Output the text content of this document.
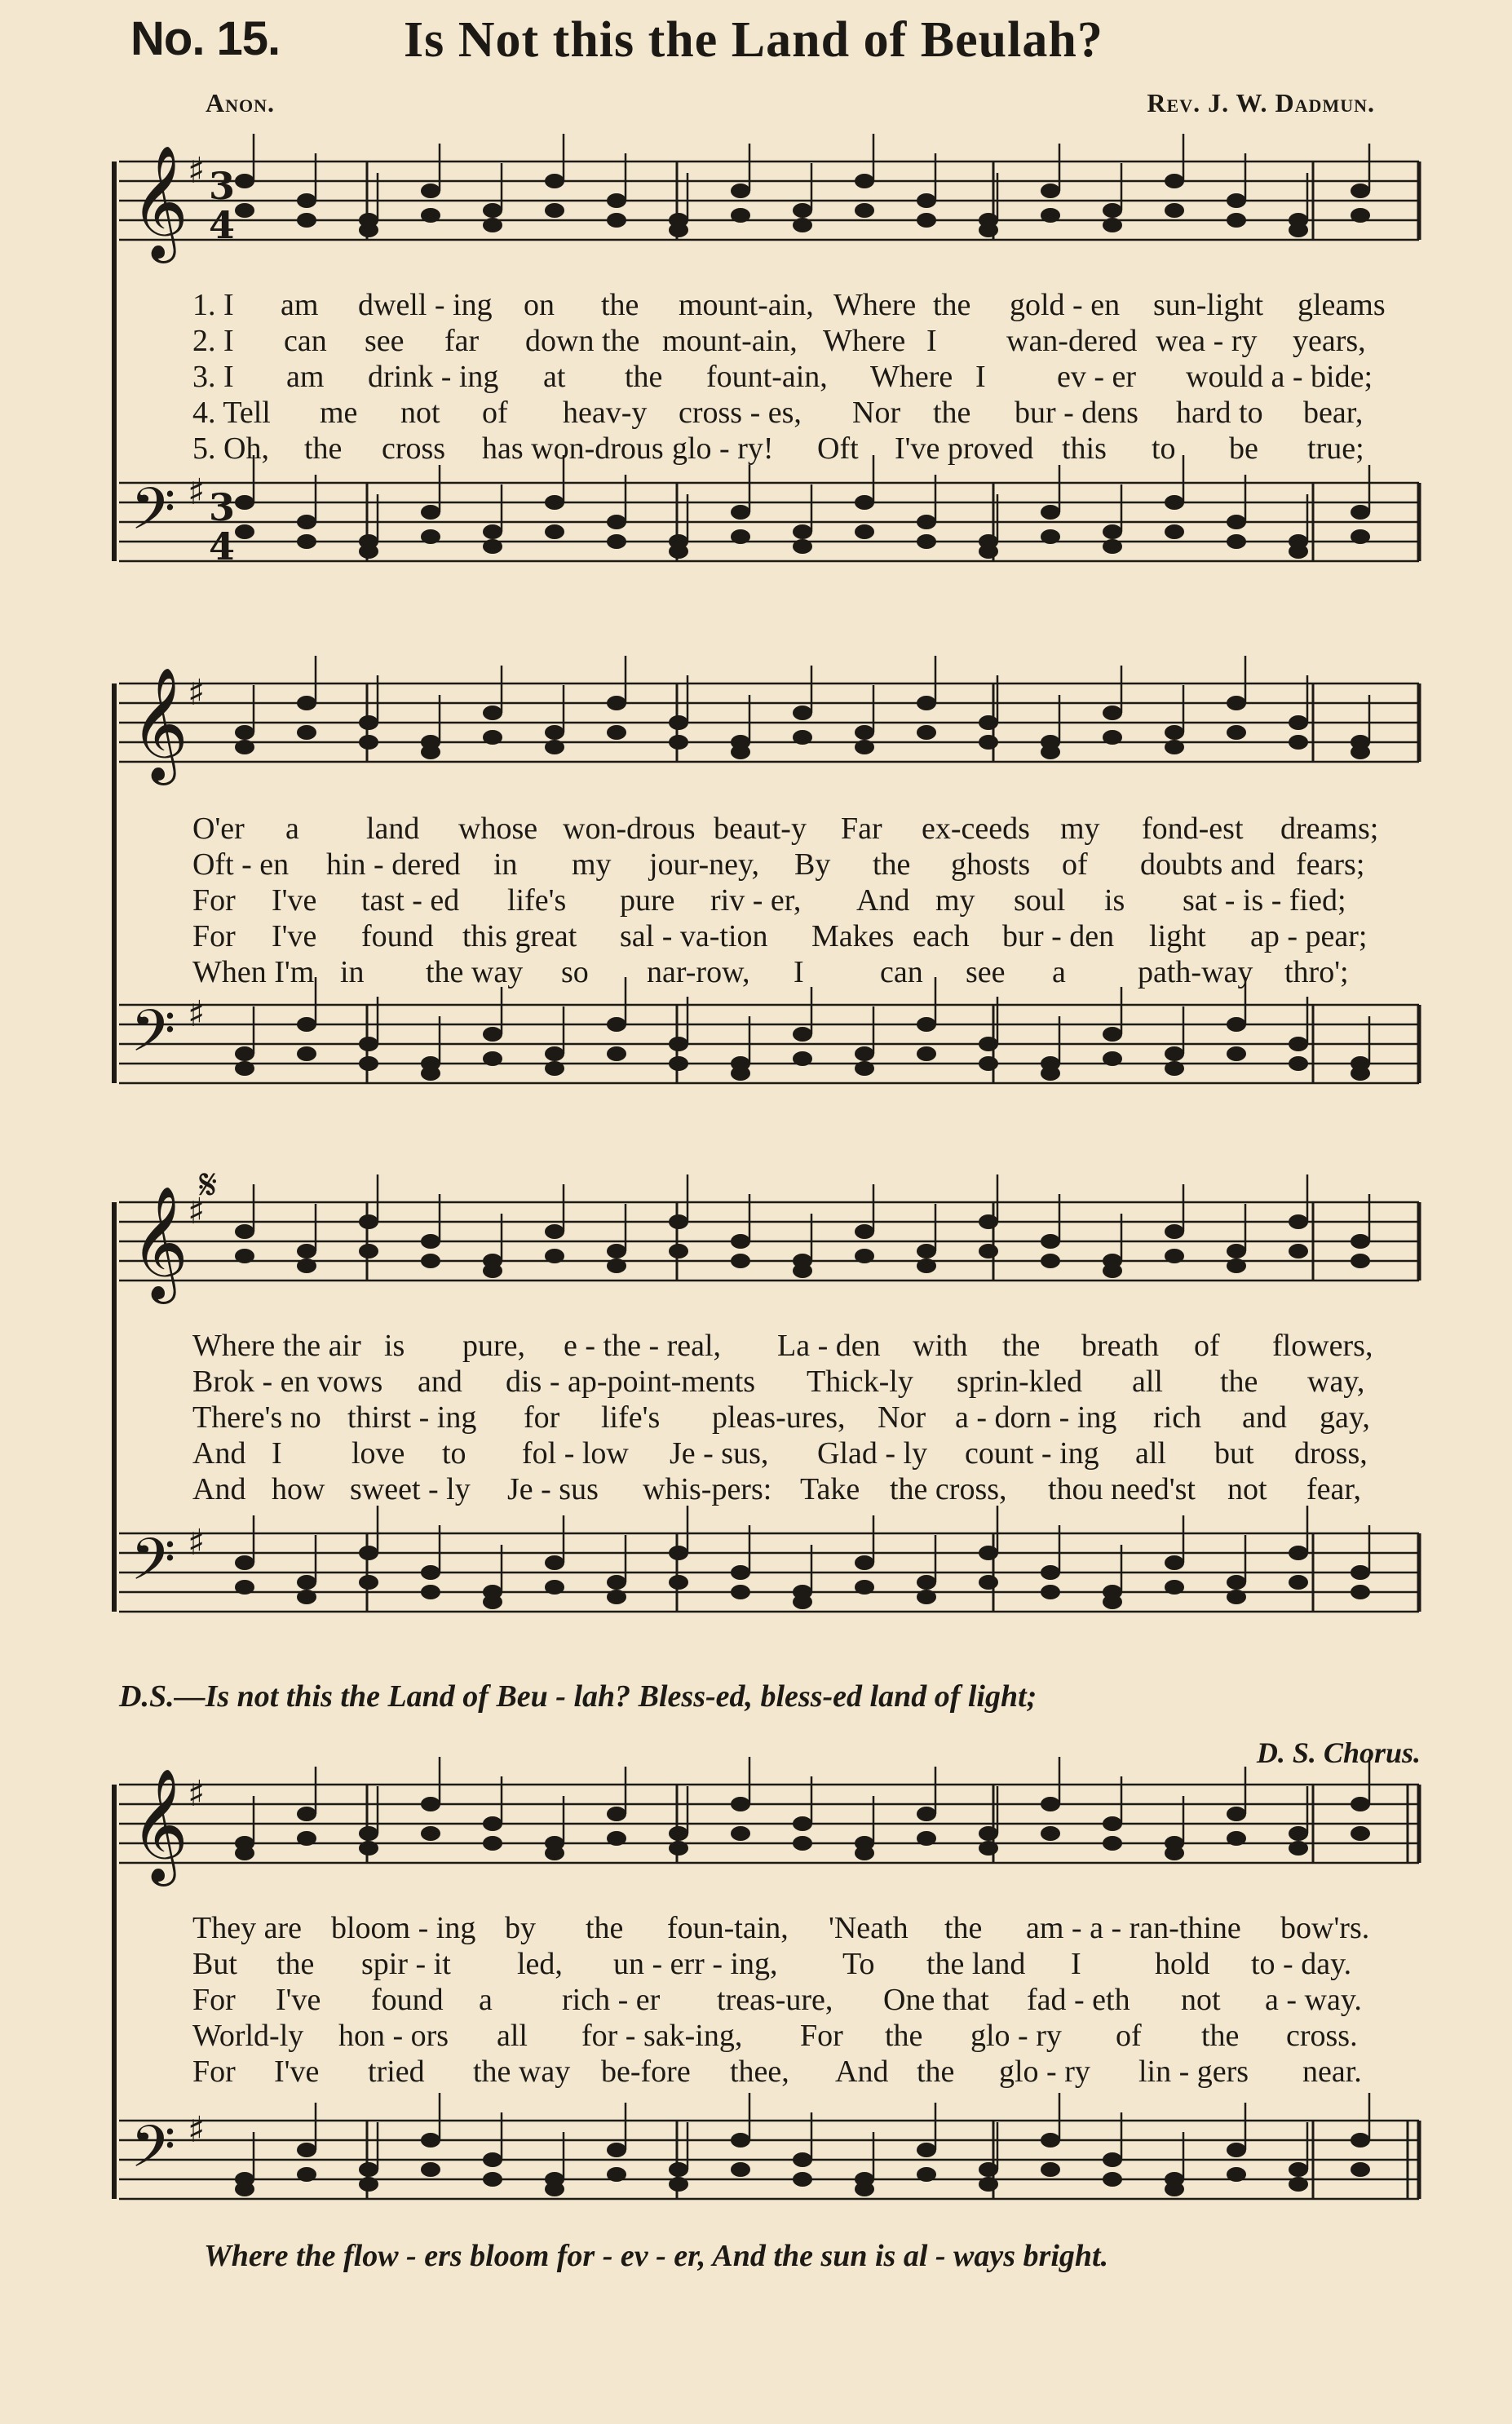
No. 15. Is Not this the Land of Beulah?
Anon.	Rev. J. W. Dadmun.
𝄞 ♯ 3
4
𝄢 ♯ 3
4
𝄞 ♯
𝄢 ♯
𝄞 ♯
𝄢 ♯
𝄞 ♯
𝄢 ♯
𝄋
1. I am dwell - ing on the mount-ain, Where the gold - en sun-light gleams
2. I can see far down the mount-ain, Where I wan-dered wea - ry years,
3. I am drink - ing at the fount-ain, Where I ev - er would a - bide;
4. Tell me not of heav-y cross - es, Nor the bur - dens hard to bear,
5. Oh, the cross has won-drous glo - ry! Oft I've proved this to be true;
O'er a land whose won-drous beaut-y Far ex-ceeds my fond-est dreams;
Oft - en hin - dered in my jour-ney, By the ghosts of doubts and fears;
For I've tast - ed life's pure riv - er, And my soul is sat - is - fied;
For I've found this great sal - va-tion Makes each bur - den light ap - pear;
When I'm in the way so nar-row, I can see a path-way thro';
Where the air is pure, e - the - real, La - den with the breath of flowers,
Brok - en vows and dis - ap-point-ments Thick-ly sprin-kled all the way,
There's no thirst - ing for life's pleas-ures, Nor a - dorn - ing rich and gay,
And I love to fol - low Je - sus, Glad - ly count - ing all but dross,
And how sweet - ly Je - sus whis-pers: Take the cross, thou need'st not fear,
They are bloom - ing by the foun-tain, 'Neath the am - a - ran-thine bow'rs.
But the spir - it led, un - err - ing, To the land I hold to - day.
For I've found a rich - er treas-ure, One that fad - eth not a - way.
World-ly hon - ors all for - sak-ing, For the glo - ry of the cross.
For I've tried the way be-fore thee, And the glo - ry lin - gers near.
D.S.—Is not this the Land of Beu - lah? Bless-ed, bless-ed land of light;
D. S. Chorus.
Where the flow - ers bloom for - ev - er, And the sun is al - ways bright.
